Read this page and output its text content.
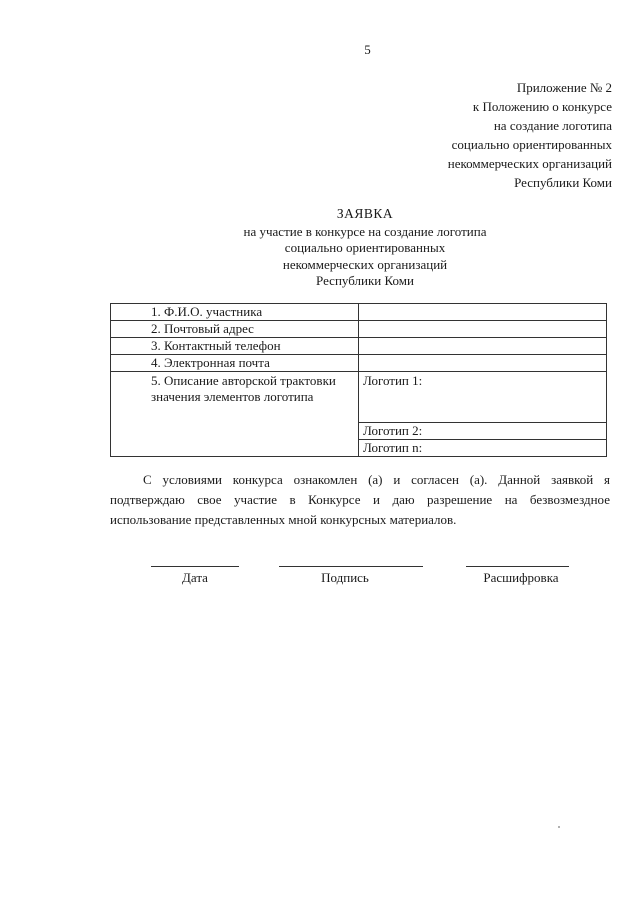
5
Приложение № 2
к Положению о конкурсе
на создание логотипа
социально ориентированных
некоммерческих организаций
Республики Коми
ЗАЯВКА
на участие в конкурсе на создание логотипа
социально ориентированных
некоммерческих организаций
Республики Коми
1. Ф.И.О. участника	
2. Почтовый адрес	
3. Контактный телефон	
4. Электронная почта	
5. Описание авторской трактовки значения элементов логотипа	Логотип 1:
	Логотип 2:
	Логотип n:
С условиями конкурса ознакомлен (а) и согласен (а). Данной заявкой я подтверждаю свое участие в Конкурсе и даю разрешение на безвозмездное использование представленных мной конкурсных материалов.
Дата	Подпись	Расшифровка
